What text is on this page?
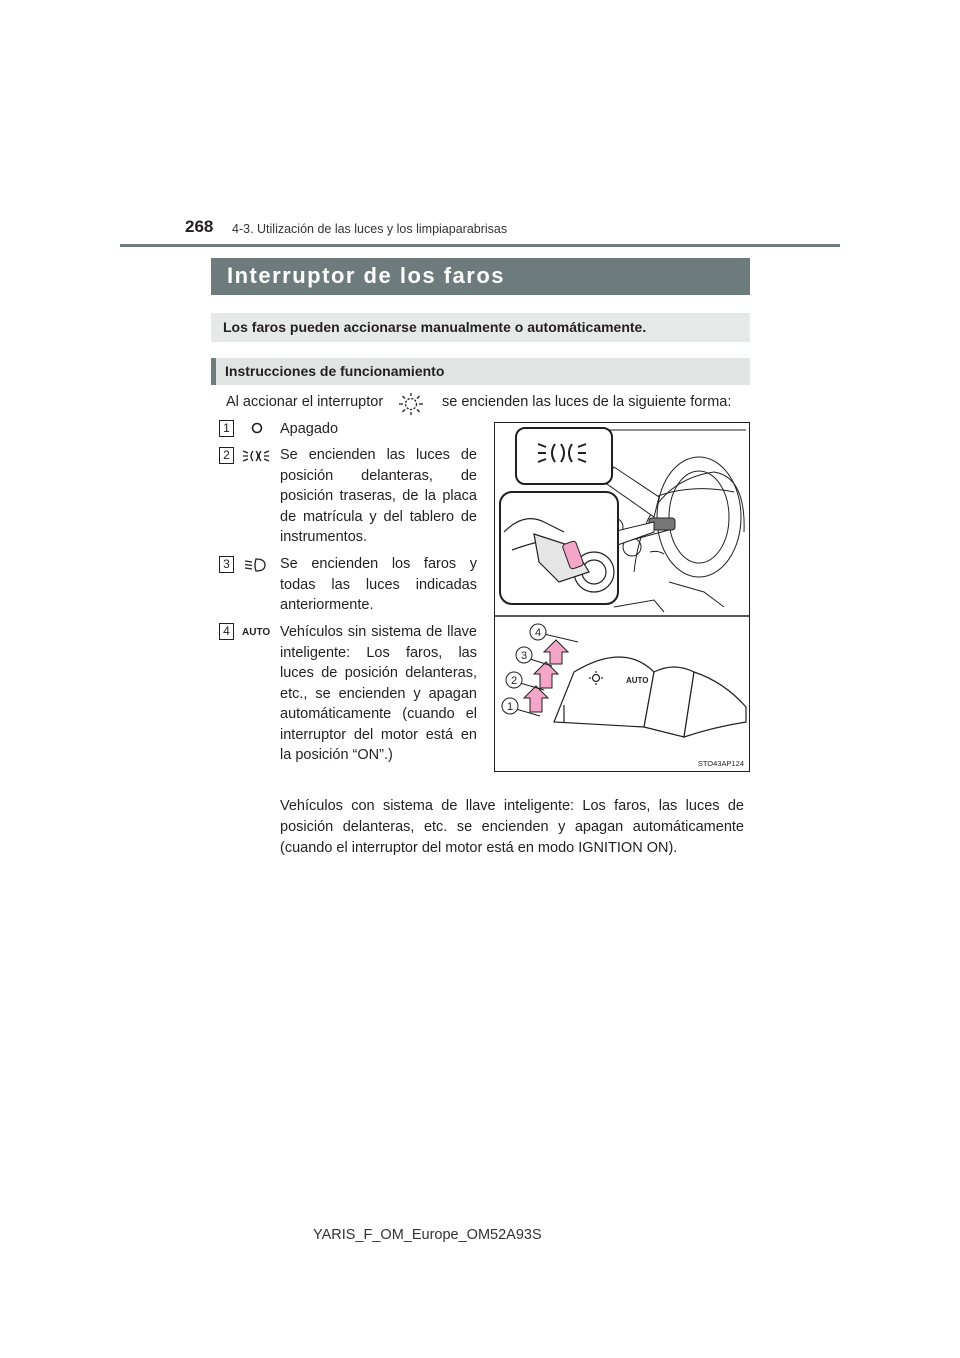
268 4-3. Utilización de las luces y los limpiaparabrisas
Interruptor de los faros
Los faros pueden accionarse manualmente o automáticamente.
Instrucciones de funcionamiento
Al accionar el interruptor	se encienden las luces de la siguiente forma:
1	Apagado
2	Se encienden las luces de posición delanteras, de posición traseras, de la placa de matrícula y del tablero de instrumentos.
3	Se encienden los faros y todas las luces indicadas anteriormente.
4	AUTO Vehículos sin sistema de llave inteligente: Los faros, las luces de posición delanteras, etc., se encienden y apagan automáticamente (cuando el interruptor del motor está en la posición “ON”.)
Vehículos con sistema de llave inteligente: Los faros, las luces de posición delanteras, etc. se encienden y apagan automáticamente (cuando el interruptor del motor está en modo IGNITION ON).
AUTO
1
2
3
4
STO43AP124
YARIS_F_OM_Europe_OM52A93S
